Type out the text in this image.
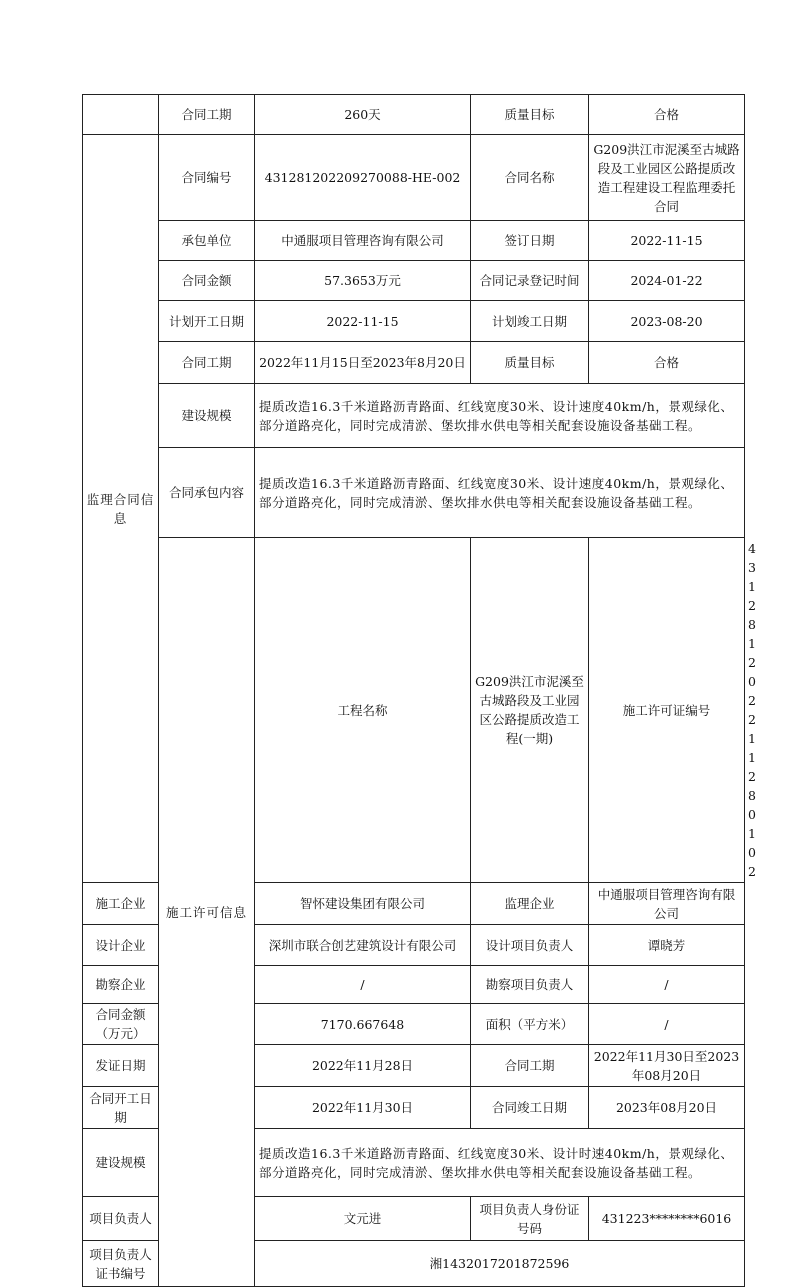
	合同工期	260天	质量目标	合格	
监理合同信息	合同编号	431281202209270088-HE-002	合同名称	G209洪江市泥溪至古城路段及工业园区公路提质改造工程建设工程监理委托合同	
	承包单位	中通服项目管理咨询有限公司	签订日期	2022-11-15	
	合同金额	57.3653万元	合同记录登记时间	2024-01-22	
	计划开工日期	2022-11-15	计划竣工日期	2023-08-20	
	合同工期	2022年11月15日至2023年8月20日	质量目标	合格	
	建设规模	提质改造16.3千米道路沥青路面、红线宽度30米、设计速度40km/h，景观绿化、部分道路亮化，同时完成清淤、堡坎排水供电等相关配套设施设备基础工程。			
	合同承包内容	提质改造16.3千米道路沥青路面、红线宽度30米、设计速度40km/h，景观绿化、部分道路亮化，同时完成清淤、堡坎排水供电等相关配套设施设备基础工程。			
	施工许可信息	工程名称	G209洪江市泥溪至古城路段及工业园区公路提质改造工程(一期)	施工许可证编号	431281202211280102
施工企业		智怀建设集团有限公司	监理企业	中通服项目管理咨询有限公司	
设计企业		深圳市联合创艺建筑设计有限公司	设计项目负责人	谭晓芳	
勘察企业		/	勘察项目负责人	/	
合同金额（万元）		7170.667648	面积（平方米）	/	
发证日期		2022年11月28日	合同工期	2022年11月30日至2023年08月20日	
合同开工日期		2022年11月30日	合同竣工日期	2023年08月20日	
建设规模		提质改造16.3千米道路沥青路面、红线宽度30米、设计时速40km/h，景观绿化、部分道路亮化，同时完成清淤、堡坎排水供电等相关配套设施设备基础工程。			
项目负责人		文元进	项目负责人身份证号码	431223********6016	
项目负责人证书编号		湘1432017201872596			
